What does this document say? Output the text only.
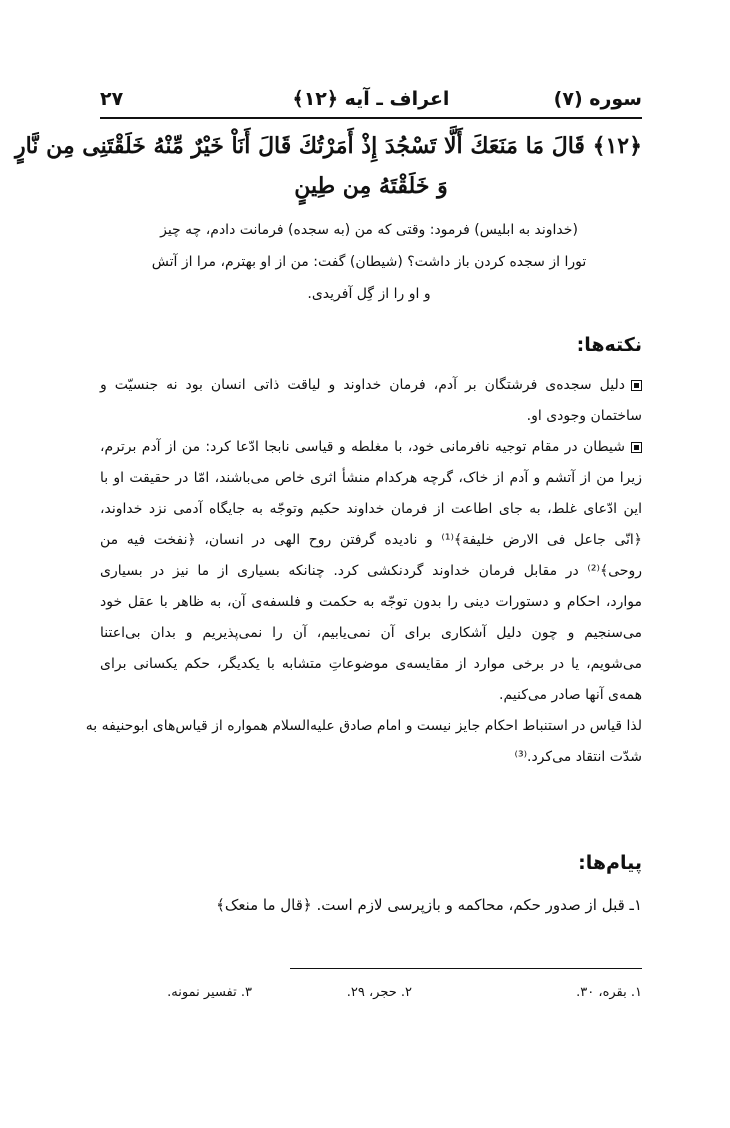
سوره (۷)
اعراف ـ آیه ﴿۱۲﴾
۲۷
﴿۱۲﴾ قَالَ مَا مَنَعَكَ أَلَّا تَسْجُدَ إِذْ أَمَرْتُكَ قَالَ أَنَاْ خَيْرٌ مِّنْهُ خَلَقْتَنِى مِن نَّارٍ
وَ خَلَقْتَهُ مِن طِينٍ
(خداوند به ابلیس) فرمود: وقتی که من (به سجده) فرمانت دادم، چه چیز
تورا از سجده کردن باز داشت؟ (شیطان) گفت: من از او بهترم، مرا از آتش
و او را از گِل آفریدی.
نکته‌ها:
دلیل سجده‌ی فرشتگان بر آدم، فرمان خداوند و لیاقت ذاتی انسان بود نه جنسیّت و
ساختمان وجودی او.
شیطان در مقام توجیه نافرمانی خود، با مغلطه و قیاسی نابجا ادّعا کرد: من از آدم برترم،
زیرا من از آتشم و آدم از خاک، گرچه هرکدام منشأ اثری خاص می‌باشند، امّا در حقیقت او با
این ادّعای غلط، به جای اطاعت از فرمان خداوند حکیم وتوجّه به جایگاه آدمی نزد خداوند،
﴿انّی جاعل فی الارض خلیفة﴾⁽¹⁾ و نادیده گرفتن روح الهی در انسان، ﴿نفخت فیه من
روحی﴾⁽²⁾ در مقابل فرمان خداوند گردنکشی کرد. چنانکه بسیاری از ما نیز در بسیاری
موارد، احکام و دستورات دینی را بدون توجّه به حکمت و فلسفه‌ی آن، به ظاهر با عقل خود
می‌سنجیم و چون دلیل آشکاری برای آن نمی‌یابیم، آن را نمی‌پذیریم و بدان بی‌اعتنا
می‌شویم، یا در برخی موارد از مقایسه‌ی موضوعاتِ متشابه با یکدیگر، حکم یکسانی برای
همه‌ی آنها صادر می‌کنیم.
لذا قیاس در استنباط احکام جایز نیست و امام صادق علیه‌السلام همواره از قیاس‌های ابوحنیفه به
شدّت انتقاد می‌کرد.⁽³⁾
پیام‌ها:
۱ـ قبل از صدور حکم، محاکمه و بازپرسی لازم است. ﴿قال ما منعک﴾
۱. بقره، ۳۰.
۲. حجر، ۲۹.
۳. تفسیر نمونه.
